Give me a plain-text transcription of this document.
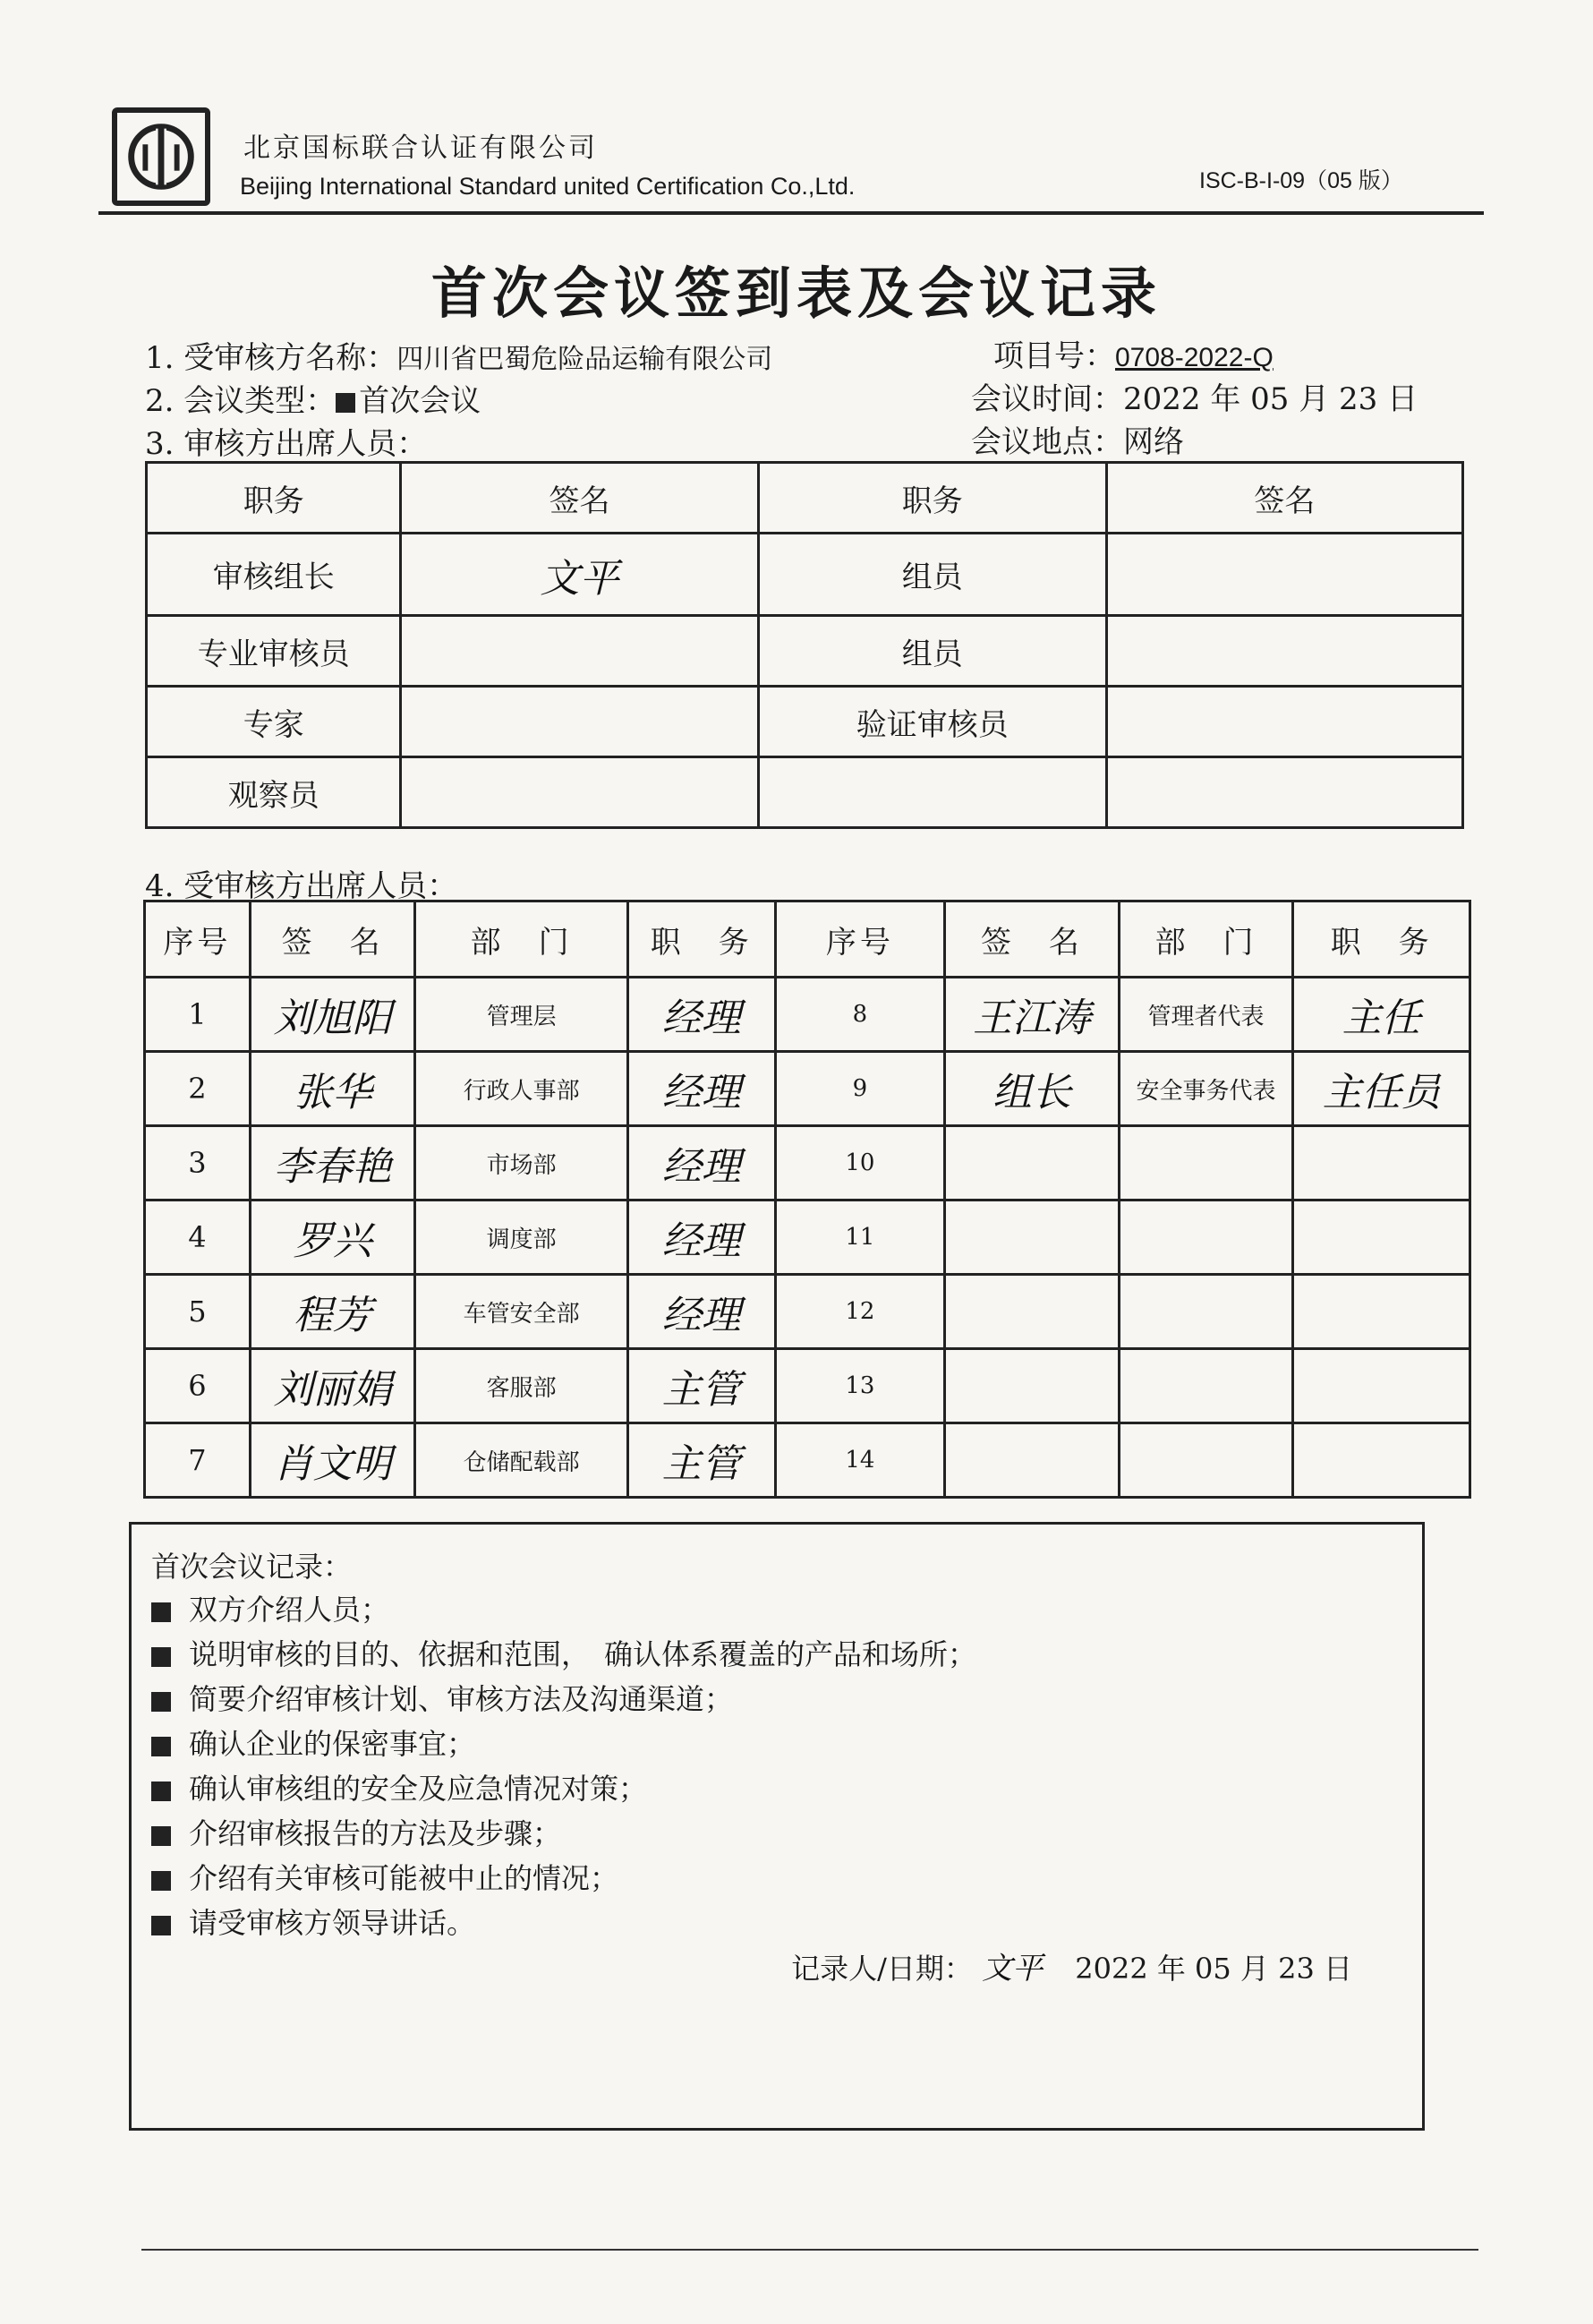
北京国标联合认证有限公司
Beijing International Standard united Certification Co.,Ltd.	ISC-B-I-09（05 版）
首次会议签到表及会议记录
1. 受审核方名称：四川省巴蜀危险品运输有限公司	项目号：0708-2022-Q
2. 会议类型： 首次会议	会议时间：2022 年 05 月 23 日
3. 审核方出席人员：	会议地点：网络
职务	签名	职务	签名
审核组长	文平	组员	
专业审核员		组员	
专家		验证审核员	
观察员			
4. 受审核方出席人员：
序号	签　名	部　门	职　务	序号	签　名	部　门	职　务
1	刘旭阳	管理层	经理	8	王江涛	管理者代表	主任
2	张华	行政人事部	经理	9	组长	安全事务代表	主任员
3	李春艳	市场部	经理	10			
4	罗兴	调度部	经理	11			
5	程芳	车管安全部	经理	12			
6	刘丽娟	客服部	主管	13			
7	肖文明	仓储配载部	主管	14			
首次会议记录：
双方介绍人员；
说明审核的目的、依据和范围，　确认体系覆盖的产品和场所；
简要介绍审核计划、审核方法及沟通渠道；
确认企业的保密事宜；
确认审核组的安全及应急情况对策；
介绍审核报告的方法及步骤；
介绍有关审核可能被中止的情况；
请受审核方领导讲话。
记录人/日期： 文平 2022 年 05 月 23 日
